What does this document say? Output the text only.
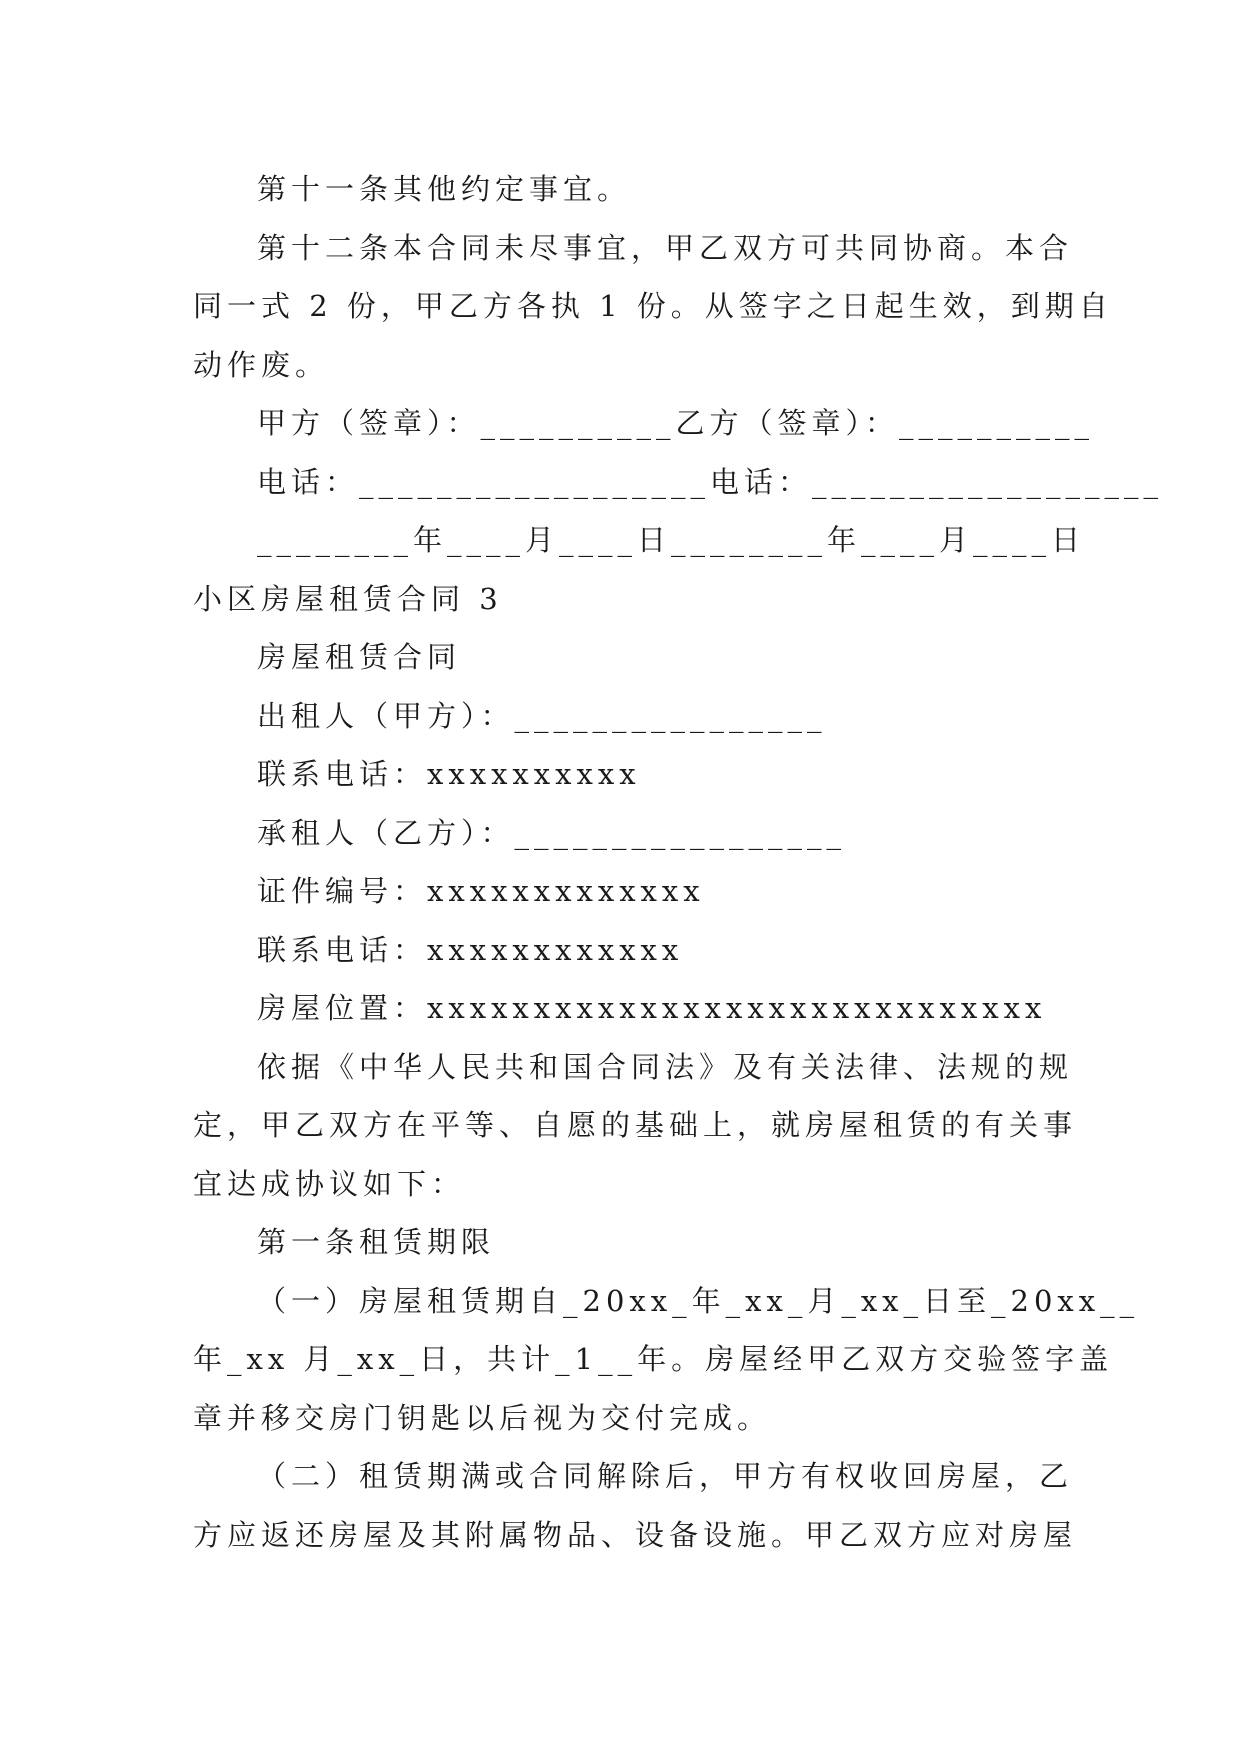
第十一条其他约定事宜。
第十二条本合同未尽事宜，甲乙双方可共同协商。本合
同一式 2 份，甲乙方各执 1 份。从签字之日起生效，到期自
动作废。
甲方（签章）：__________乙方（签章）：__________
电话：__________________电话：__________________
________年____月____日________年____月____日
小区房屋租赁合同 3
房屋租赁合同
出租人（甲方）：________________
联系电话：xxxxxxxxxx
承租人（乙方）：_________________
证件编号：xxxxxxxxxxxxx
联系电话：xxxxxxxxxxxx
房屋位置：xxxxxxxxxxxxxxxxxxxxxxxxxxxxx
依据《中华人民共和国合同法》及有关法律、法规的规
定，甲乙双方在平等、自愿的基础上，就房屋租赁的有关事
宜达成协议如下：
第一条租赁期限
（一）房屋租赁期自_20xx_年_xx_月_xx_日至_20xx__
年_xx 月_xx_日，共计_1__年。房屋经甲乙双方交验签字盖
章并移交房门钥匙以后视为交付完成。
（二）租赁期满或合同解除后，甲方有权收回房屋，乙
方应返还房屋及其附属物品、设备设施。甲乙双方应对房屋
